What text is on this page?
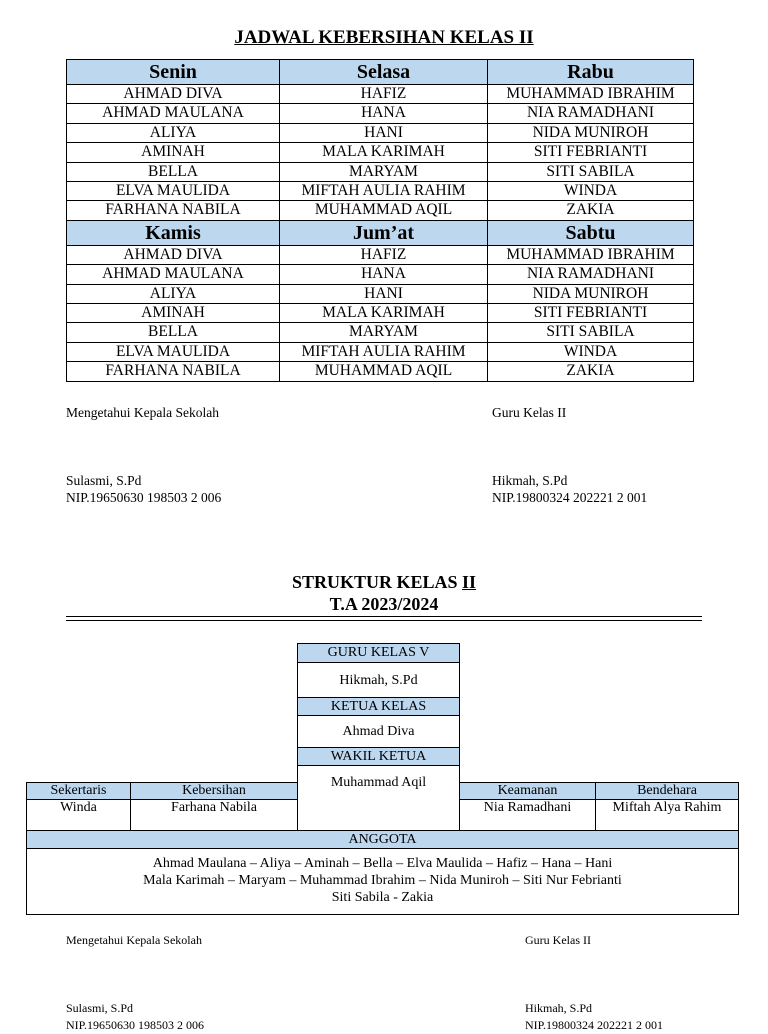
JADWAL KEBERSIHAN KELAS II
Senin	Selasa	Rabu
AHMAD DIVA	HAFIZ	MUHAMMAD IBRAHIM
AHMAD MAULANA	HANA	NIA RAMADHANI
ALIYA	HANI	NIDA MUNIROH
AMINAH	MALA KARIMAH	SITI FEBRIANTI
BELLA	MARYAM	SITI SABILA
ELVA MAULIDA	MIFTAH AULIA RAHIM	WINDA
FARHANA NABILA	MUHAMMAD AQIL	ZAKIA
Kamis	Jum’at	Sabtu
AHMAD DIVA	HAFIZ	MUHAMMAD IBRAHIM
AHMAD MAULANA	HANA	NIA RAMADHANI
ALIYA	HANI	NIDA MUNIROH
AMINAH	MALA KARIMAH	SITI FEBRIANTI
BELLA	MARYAM	SITI SABILA
ELVA MAULIDA	MIFTAH AULIA RAHIM	WINDA
FARHANA NABILA	MUHAMMAD AQIL	ZAKIA
Mengetahui Kepala Sekolah
Sulasmi, S.Pd
NIP.19650630 198503 2 006
Guru Kelas II
Hikmah, S.Pd
NIP.19800324 202221 2 001
STRUKTUR KELAS II
T.A 2023/2024
GURU KELAS V
Hikmah, S.Pd
KETUA KELAS
Ahmad Diva
WAKIL KETUA
Muhammad Aqil
Sekertaris
Winda
Kebersihan
Farhana Nabila
Keamanan
Nia Ramadhani
Bendehara
Miftah Alya Rahim
ANGGOTA
Ahmad Maulana – Aliya – Aminah – Bella – Elva Maulida – Hafiz – Hana – Hani
Mala Karimah – Maryam – Muhammad Ibrahim – Nida Muniroh – Siti Nur Febrianti
Siti Sabila - Zakia
Mengetahui Kepala Sekolah
Sulasmi, S.Pd
NIP.19650630 198503 2 006
Guru Kelas II
Hikmah, S.Pd
NIP.19800324 202221 2 001
